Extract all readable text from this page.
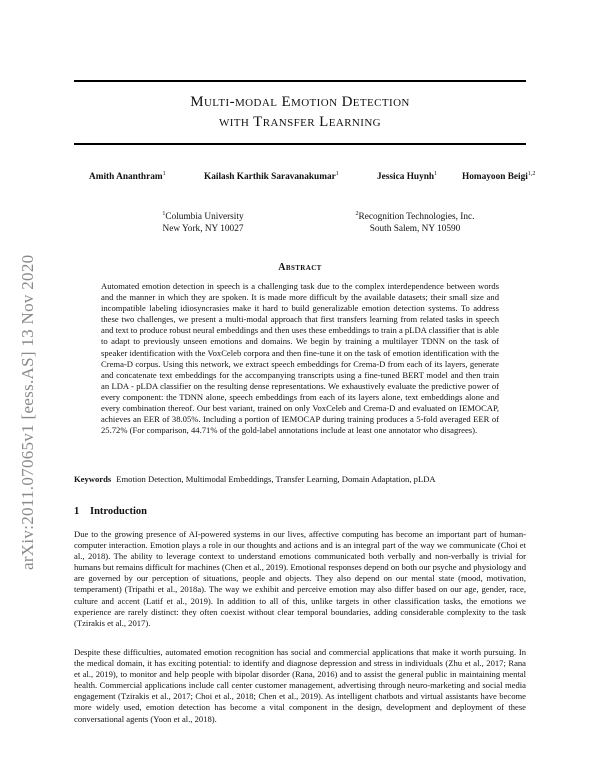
arXiv:2011.07065v1 [eess.AS] 13 Nov 2020
Multi-modal Emotion Detection
with Transfer Learning
Amith Ananthram$^1$	Kailash Karthik Saravanakumar$^1$	Jessica Huynh$^1$	Homayoon Beigi$^{1,2}$
$^1$Columbia University
New York, NY 10027
$^2$Recognition Technologies, Inc.
South Salem, NY 10590
Abstract
Automated emotion detection in speech is a challenging task due to the complex interdependence between words and the manner in which they are spoken. It is made more difficult by the available datasets; their small size and incompatible labeling idiosyncrasies make it hard to build generalizable emotion detection systems. To address these two challenges, we present a multi-modal approach that first transfers learning from related tasks in speech and text to produce robust neural embeddings and then uses these embeddings to train a pLDA classifier that is able to adapt to previously unseen emotions and domains. We begin by training a multilayer TDNN on the task of speaker identification with the VoxCeleb corpora and then fine-tune it on the task of emotion identification with the Crema-D corpus. Using this network, we extract speech embeddings for Crema-D from each of its layers, generate and concatenate text embeddings for the accompanying transcripts using a fine-tuned BERT model and then train an LDA - pLDA classifier on the resulting dense representations. We exhaustively evaluate the predictive power of every component: the TDNN alone, speech embeddings from each of its layers alone, text embeddings alone and every combination thereof. Our best variant, trained on only VoxCeleb and Crema-D and evaluated on IEMOCAP, achieves an EER of 38.05%. Including a portion of IEMOCAP during training produces a 5-fold averaged EER of 25.72% (For comparison, 44.71% of the gold-label annotations include at least one annotator who disagrees).
Keywords Emotion Detection, Multimodal Embeddings, Transfer Learning, Domain Adaptation, pLDA
1 Introduction
Due to the growing presence of AI-powered systems in our lives, affective computing has become an important part of human-computer interaction. Emotion plays a role in our thoughts and actions and is an integral part of the way we communicate (Choi et al., 2018). The ability to leverage context to understand emotions communicated both verbally and non-verbally is trivial for humans but remains difficult for machines (Chen et al., 2019). Emotional responses depend on both our psyche and physiology and are governed by our perception of situations, people and objects. They also depend on our mental state (mood, motivation, temperament) (Tripathi et al., 2018a). The way we exhibit and perceive emotion may also differ based on our age, gender, race, culture and accent (Latif et al., 2019). In addition to all of this, unlike targets in other classification tasks, the emotions we experience are rarely distinct: they often coexist without clear temporal boundaries, adding considerable complexity to the task (Tzirakis et al., 2017).
Despite these difficulties, automated emotion recognition has social and commercial applications that make it worth pursuing. In the medical domain, it has exciting potential: to identify and diagnose depression and stress in individuals (Zhu et al., 2017; Rana et al., 2019), to monitor and help people with bipolar disorder (Rana, 2016) and to assist the general public in maintaining mental health. Commercial applications include call center customer management, advertising through neuro-marketing and social media engagement (Tzirakis et al., 2017; Choi et al., 2018; Chen et al., 2019). As intelligent chatbots and virtual assistants have become more widely used, emotion detection has become a vital component in the design, development and deployment of these conversational agents (Yoon et al., 2018).
